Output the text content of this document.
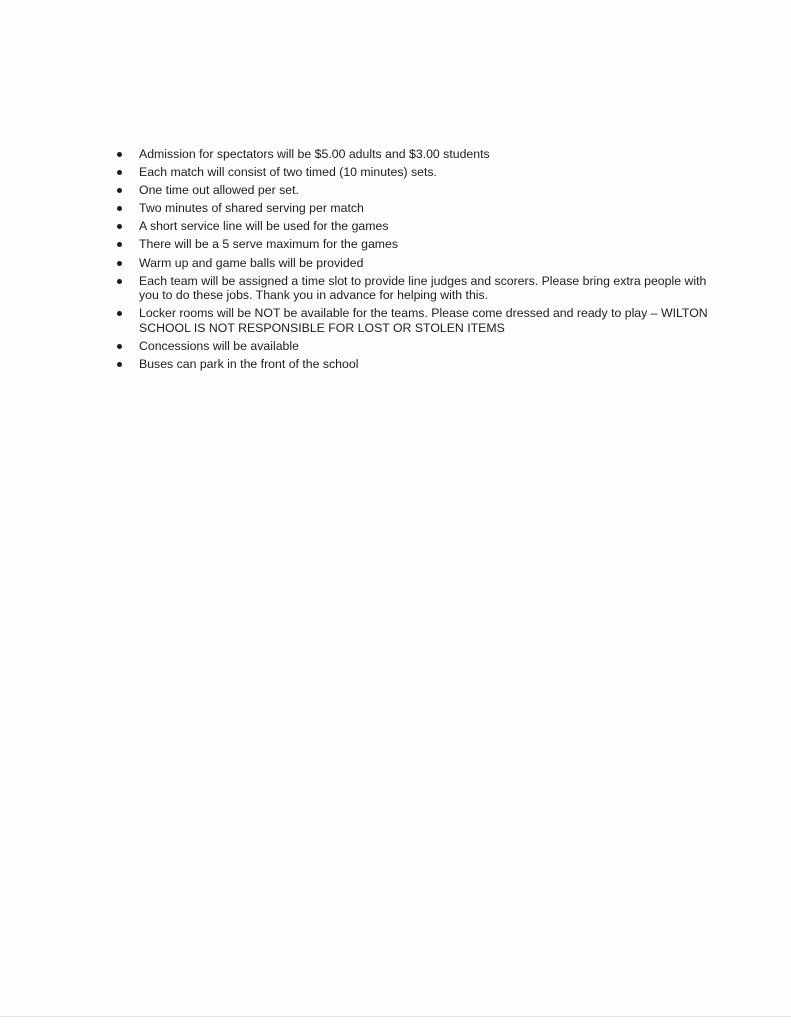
Admission for spectators will be $5.00 adults and $3.00 students
Each match will consist of two timed (10 minutes) sets.
One time out allowed per set.
Two minutes of shared serving per match
A short service line will be used for the games
There will be a 5 serve maximum for the games
Warm up and game balls will be provided
Each team will be assigned a time slot to provide line judges and scorers. Please bring extra people with you to do these jobs. Thank you in advance for helping with this.
Locker rooms will be NOT be available for the teams. Please come dressed and ready to play – WILTON SCHOOL IS NOT RESPONSIBLE FOR LOST OR STOLEN ITEMS
Concessions will be available
Buses can park in the front of the school
